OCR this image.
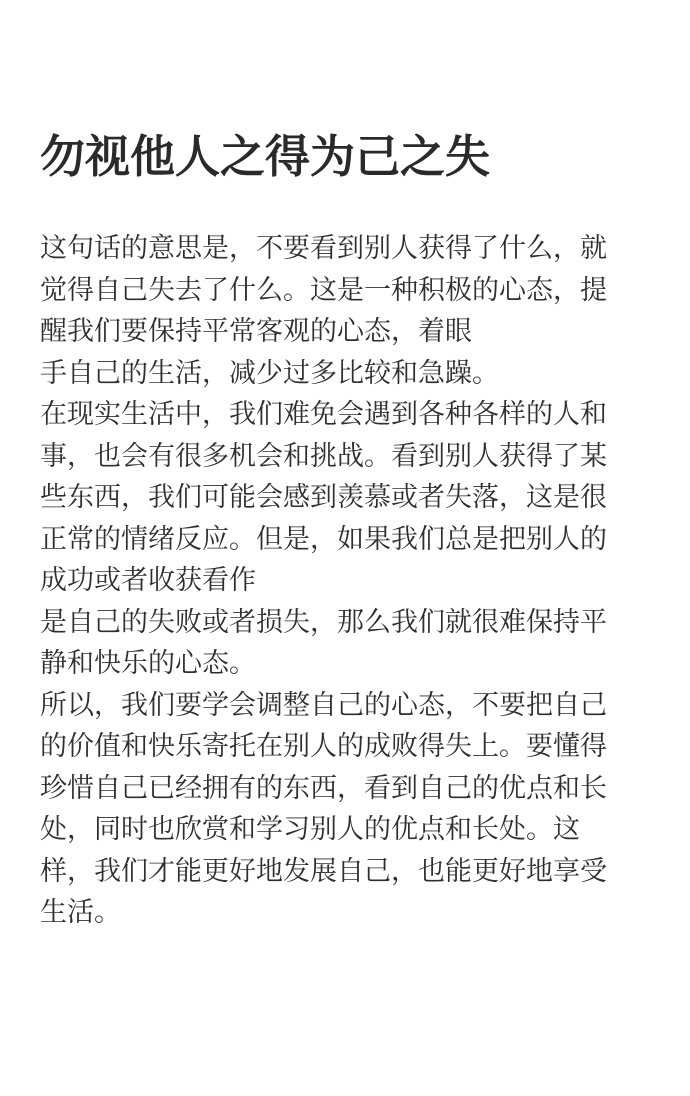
勿视他人之得为己之失
这句话的意思是，不要看到别人获得了什么，就
觉得自己失去了什么。这是一种积极的心态，提
醒我们要保持平常客观的心态，着眼
手自己的生活，减少过多比较和急躁。
在现实生活中，我们难免会遇到各种各样的人和
事，也会有很多机会和挑战。看到别人获得了某
些东西，我们可能会感到羡慕或者失落，这是很
正常的情绪反应。但是，如果我们总是把别人的
成功或者收获看作
是自己的失败或者损失，那么我们就很难保持平
静和快乐的心态。
所以，我们要学会调整自己的心态，不要把自己
的价值和快乐寄托在别人的成败得失上。要懂得
珍惜自己已经拥有的东西，看到自己的优点和长
处，同时也欣赏和学习别人的优点和长处。这
样，我们才能更好地发展自己，也能更好地享受
生活。
